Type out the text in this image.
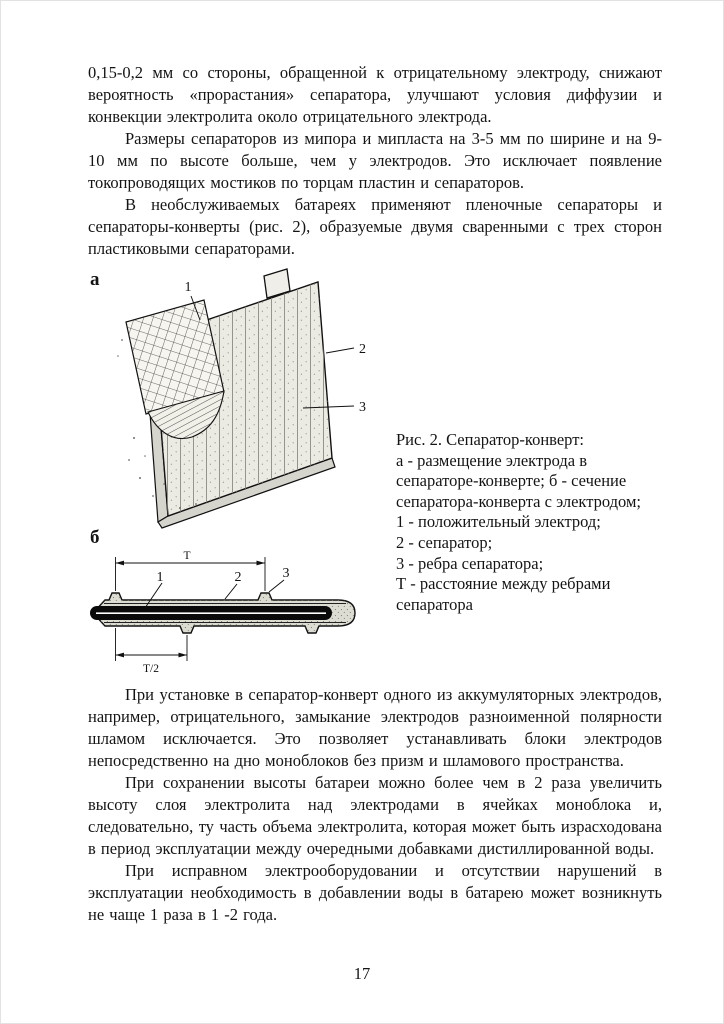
0,15-0,2 мм со стороны, обращенной к отрицательному электроду, снижают вероятность «прорастания» сепаратора, улучшают условия диффузии и конвекции электролита около отрицательного электрода.

Размеры сепараторов из мипора и мипласта на 3-5 мм по ширине и на 9-10 мм по высоте больше, чем у электродов. Это исключает появление токопроводящих мостиков по торцам пластин и сепараторов.

В необслуживаемых батареях применяют пленочные сепараторы и сепараторы-конверты (рис. 2), образуемые двумя сваренными с трех сторон пластиковыми сепараторами.

а	1
2
3
б
Т
Т/2
1	2	3
Рис. 2. Сепаратор-конверт:
а - размещение электрода в
сепараторе-конверте; б - сечение
сепаратора-конверта с электродом;
1 - положительный электрод;
2 - сепаратор;
3 - ребра сепаратора;
Т - расстояние между ребрами
сепаратора

При установке в сепаратор-конверт одного из аккумуляторных электродов, например, отрицательного, замыкание электродов разноименной полярности шламом исключается. Это позволяет устанавливать блоки электродов непосредственно на дно моноблоков без призм и шламового пространства.

При сохранении высоты батареи можно более чем в 2 раза увеличить высоту слоя электролита над электродами в ячейках моноблока и, следовательно, ту часть объема электролита, которая может быть израсходована в период эксплуатации между очередными добавками дистиллированной воды.

При исправном электрооборудовании и отсутствии нарушений в эксплуатации необходимость в добавлении воды в батарею может возникнуть не чаще 1 раза в 1 -2 года.

17
